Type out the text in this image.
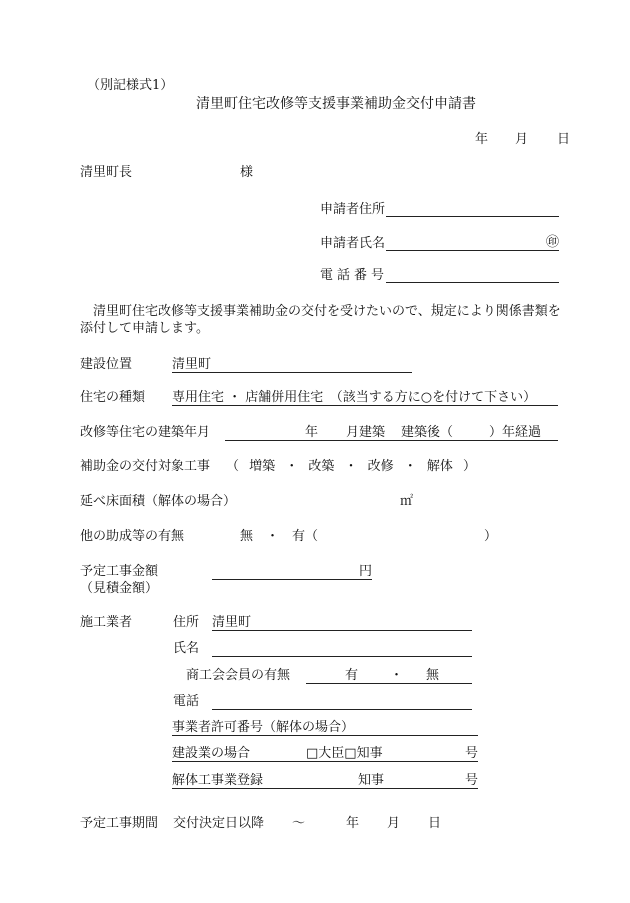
（別記様式1）
清里町住宅改修等支援事業補助金交付申請書
年 月 日
清里町長	様
申請者住所
申請者氏名	㊞
電話番号
清里町住宅改修等支援事業補助金の交付を受けたいので、規定により関係書類を
添付して申請します。
建設位置	清里町
住宅の種類 専用住宅 ・ 店舗併用住宅　（該当する方に○を付けて下さい）
改修等住宅の建築年月	年 月建築 建築後（	）年経過
補助金の交付対象工事 （ 増築 ・ 改築 ・ 改修 ・ 解体 ）
延べ床面積（解体の場合）	㎡
他の助成等の有無	無　・　有（	）
予定工事金額
（見積金額）
円
施工業者	住所 清里町
氏名
商工会会員の有無	有 ・ 無
電話
事業者許可番号（解体の場合）
建設業の場合	□大臣□知事	号
解体工事業登録	知事	号
予定工事期間 交付決定日以降 〜	年 月 日
